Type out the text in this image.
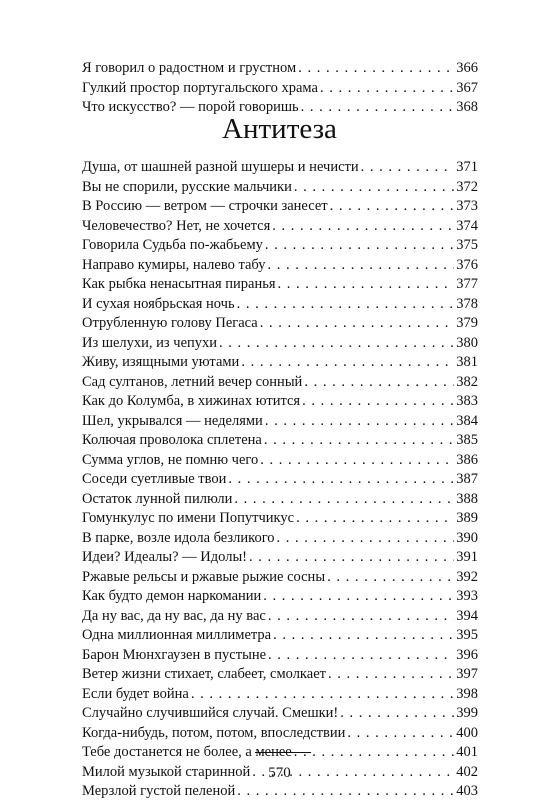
Я говорил о радостном и грустном . . .	366
Гулкий простор португальского храма . . .	367
Что искусство? — порой говоришь . . .	368
Антитеза
Душа, от шашней разной шушеры и нечисти . . .	371
Вы не спорили, русские мальчики . . .	372
В Россию — ветром — строчки занесет . . .	373
Человечество? Нет, не хочется . . .	374
Говорила Судьба по-жабьему . . .	375
Направо кумиры, налево табу . . .	376
Как рыбка ненасытная пиранья . . .	377
И сухая ноябрьская ночь . . .	378
Отрубленную голову Пегаса . . .	379
Из шелухи, из чепухи . . .	380
Живу, изящными уютами . . .	381
Сад султанов, летний вечер сонный . . .	382
Как до Колумба, в хижинах ютится . . .	383
Шел, укрывался — неделями . . .	384
Колючая проволока сплетена . . .	385
Сумма углов, не помню чего . . .	386
Соседи суетливые твои . . .	387
Остаток лунной пилюли . . .	388
Гомункулус по имени Попутчикус . . .	389
В парке, возле идола безликого . . .	390
Идеи? Идеалы? — Идолы! . . .	391
Ржавые рельсы и ржавые рыжие сосны . . .	392
Как будто демон наркомании . . .	393
Да ну вас, да ну вас, да ну вас . . .	394
Одна миллионная миллиметра . . .	395
Барон Мюнхгаузен в пустыне . . .	396
Ветер жизни стихает, слабеет, смолкает . . .	397
Если будет война . . .	398
Случайно случившийся случай. Смешки! . . .	399
Когда-нибудь, потом, потом, впоследствии . . .	400
Тебе достанется не более, а менее . . .	401
Милой музыкой старинной . . .	402
Мерзлой густой пеленой . . .	403
570
